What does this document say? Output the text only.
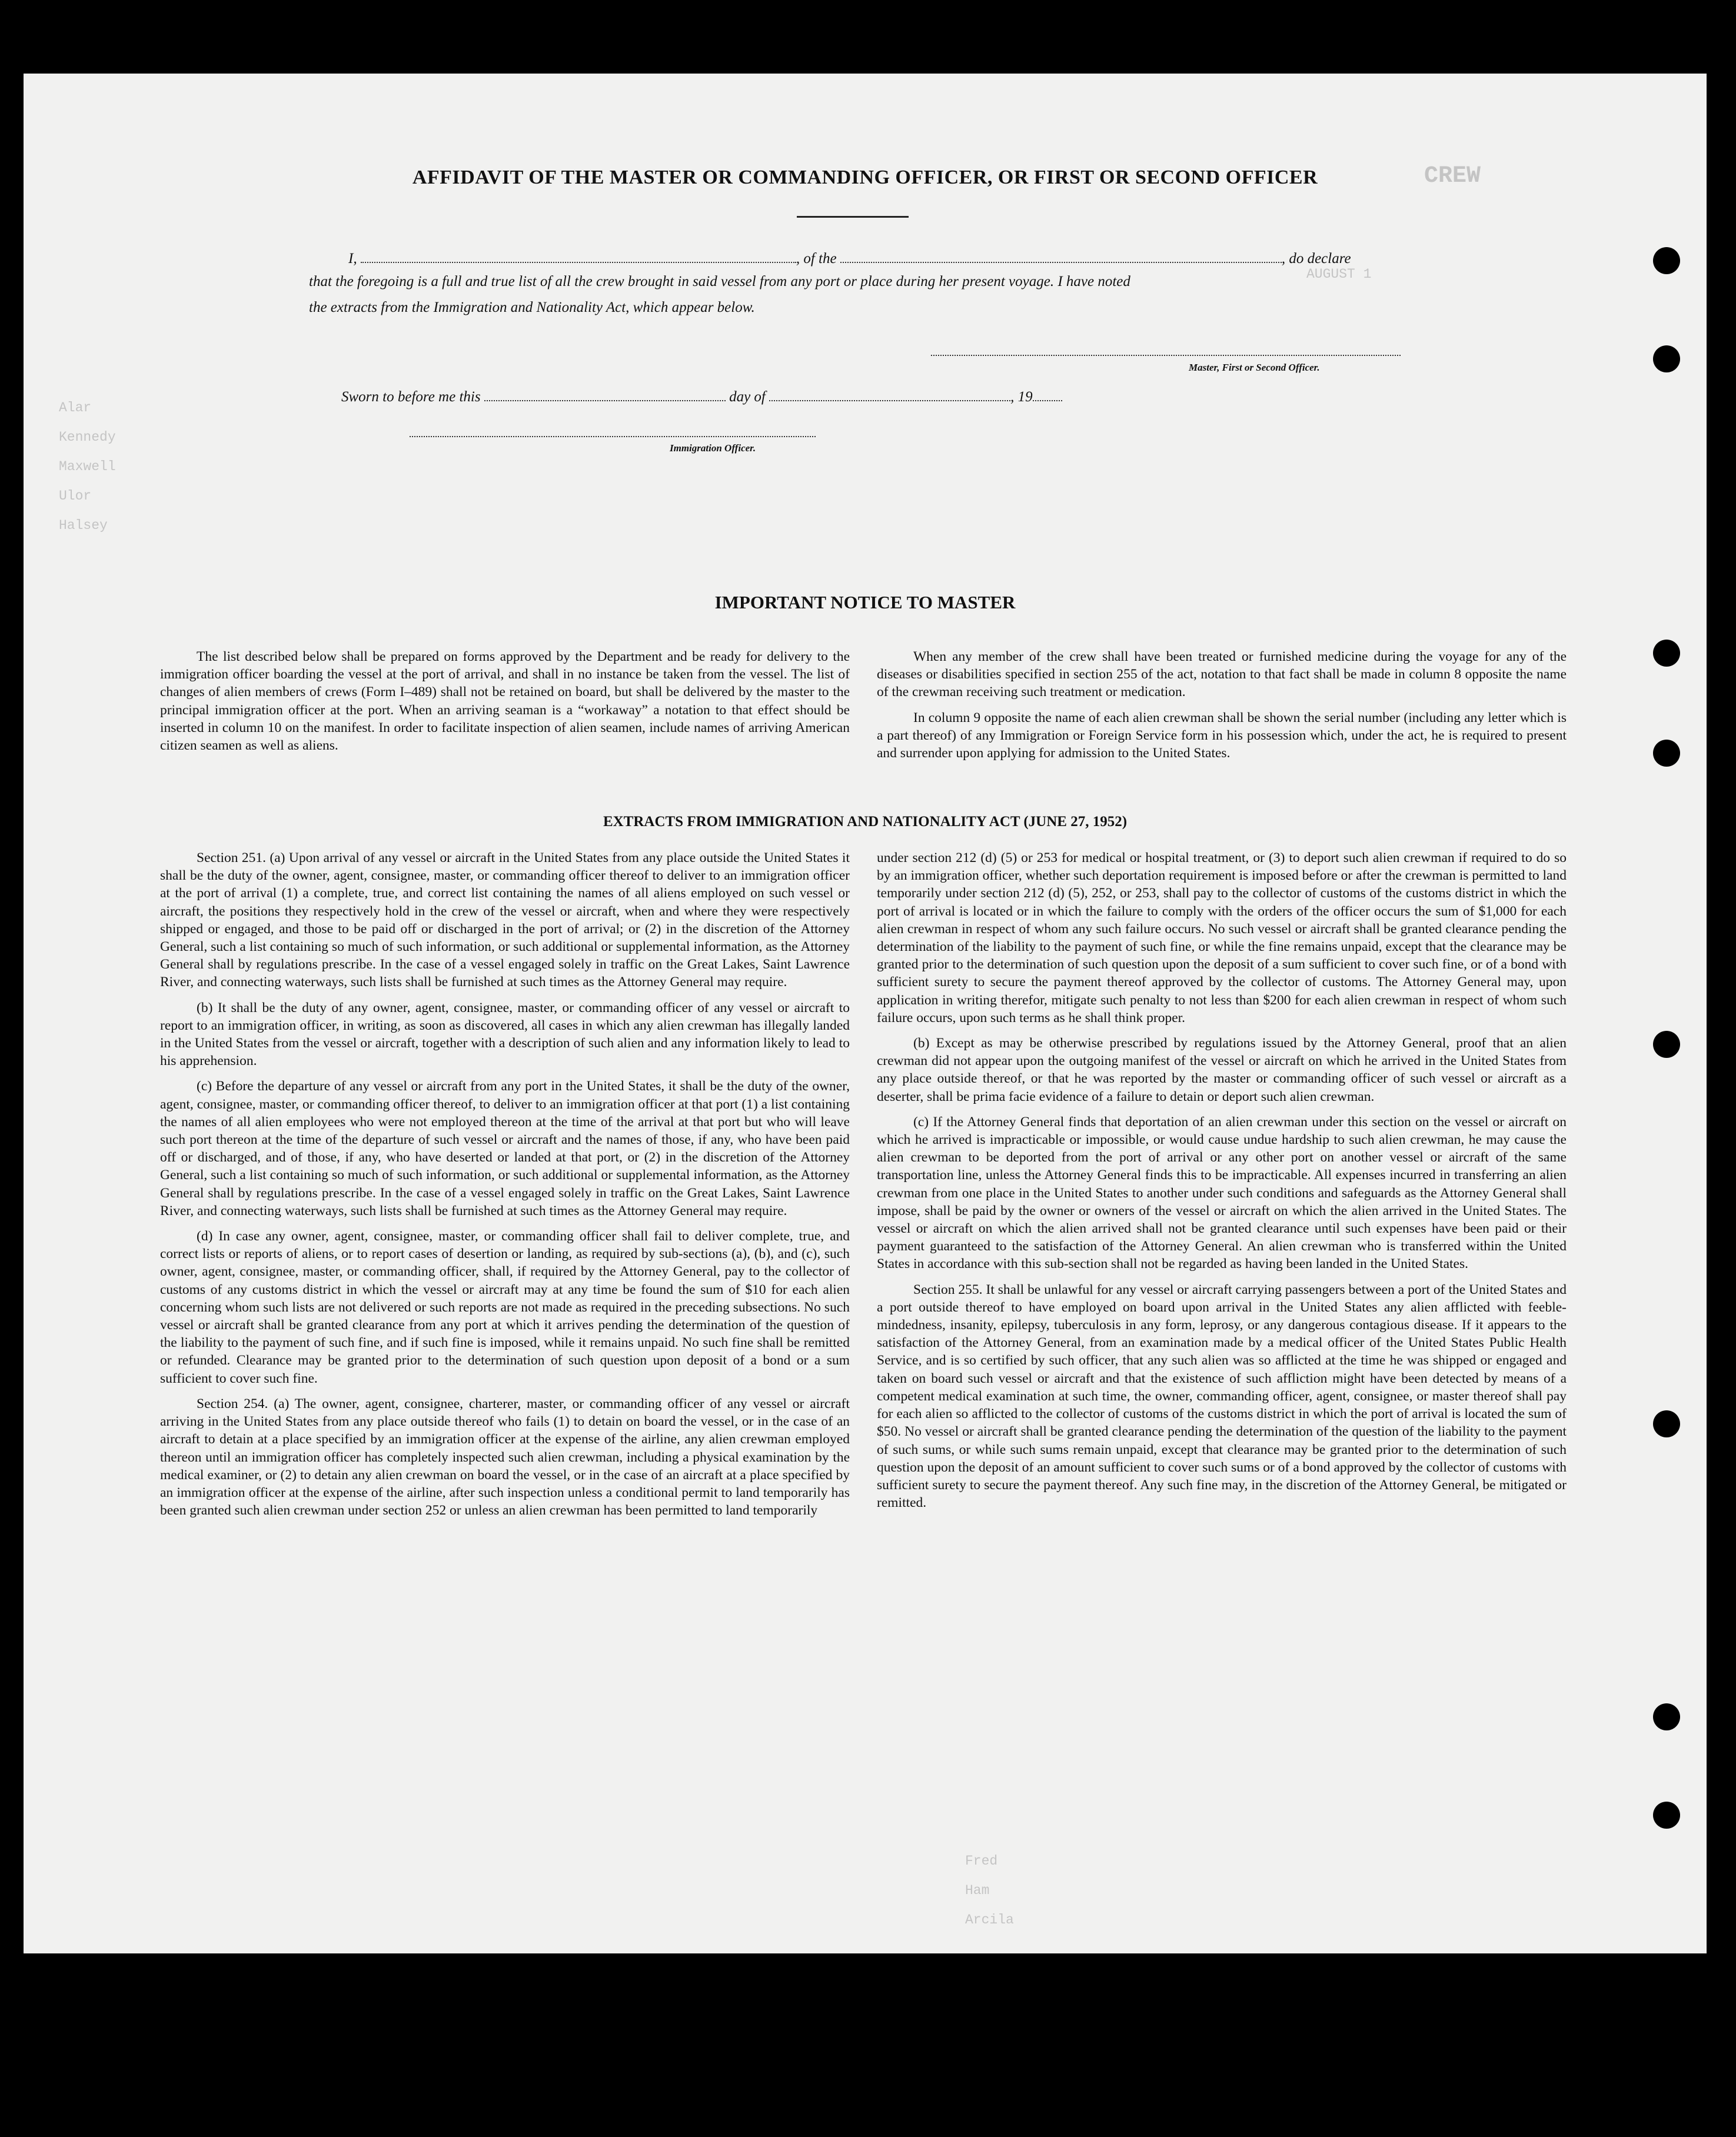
CREW
AUGUST 1
Alar
Kennedy
Maxwell
Ulor
Halsey
Fred
Ham
Arcila
AFFIDAVIT OF THE MASTER OR COMMANDING OFFICER, OR FIRST OR SECOND OFFICER
I,	, of the	, do declare
that the foregoing is a full and true list of all the crew brought in said vessel from any port or place during her present voyage. I have noted
the extracts from the Immigration and Nationality Act, which appear below.
Master, First or Second Officer.
Sworn to before me this	day of	, 19
Immigration Officer.
IMPORTANT NOTICE TO MASTER

The list described below shall be prepared on forms approved by the Department and be ready for delivery to the immigration officer boarding the vessel at the port of arrival, and shall in no instance be taken from the vessel. The list of changes of alien members of crews (Form I–489) shall not be retained on board, but shall be delivered by the master to the principal immigration officer at the port. When an arriving seaman is a “workaway” a notation to that effect should be inserted in column 10 on the manifest. In order to facilitate inspection of alien seamen, include names of arriving American citizen seamen as well as aliens.

When any member of the crew shall have been treated or furnished medicine during the voyage for any of the diseases or disabilities specified in section 255 of the act, notation to that fact shall be made in column 8 opposite the name of the crewman receiving such treatment or medication.

In column 9 opposite the name of each alien crewman shall be shown the serial number (including any letter which is a part thereof) of any Immigration or Foreign Service form in his possession which, under the act, he is required to present and surrender upon applying for admission to the United States.

EXTRACTS FROM IMMIGRATION AND NATIONALITY ACT (JUNE 27, 1952)

Section 251. (a) Upon arrival of any vessel or aircraft in the United States from any place outside the United States it shall be the duty of the owner, agent, consignee, master, or commanding officer thereof to deliver to an immigration officer at the port of arrival (1) a complete, true, and correct list containing the names of all aliens employed on such vessel or aircraft, the positions they respectively hold in the crew of the vessel or aircraft, when and where they were respectively shipped or engaged, and those to be paid off or discharged in the port of arrival; or (2) in the discretion of the Attorney General, such a list containing so much of such information, or such additional or supplemental information, as the Attorney General shall by regulations prescribe. In the case of a vessel engaged solely in traffic on the Great Lakes, Saint Lawrence River, and connecting waterways, such lists shall be furnished at such times as the Attorney General may require.

(b) It shall be the duty of any owner, agent, consignee, master, or commanding officer of any vessel or aircraft to report to an immigration officer, in writing, as soon as discovered, all cases in which any alien crewman has illegally landed in the United States from the vessel or aircraft, together with a description of such alien and any information likely to lead to his apprehension.

(c) Before the departure of any vessel or aircraft from any port in the United States, it shall be the duty of the owner, agent, consignee, master, or commanding officer thereof, to deliver to an immigration officer at that port (1) a list containing the names of all alien employees who were not employed thereon at the time of the arrival at that port but who will leave such port thereon at the time of the departure of such vessel or aircraft and the names of those, if any, who have been paid off or discharged, and of those, if any, who have deserted or landed at that port, or (2) in the discretion of the Attorney General, such a list containing so much of such information, or such additional or supplemental information, as the Attorney General shall by regulations prescribe. In the case of a vessel engaged solely in traffic on the Great Lakes, Saint Lawrence River, and connecting waterways, such lists shall be furnished at such times as the Attorney General may require.

(d) In case any owner, agent, consignee, master, or commanding officer shall fail to deliver complete, true, and correct lists or reports of aliens, or to report cases of desertion or landing, as required by sub-sections (a), (b), and (c), such owner, agent, consignee, master, or commanding officer, shall, if required by the Attorney General, pay to the collector of customs of any customs district in which the vessel or aircraft may at any time be found the sum of $10 for each alien concerning whom such lists are not delivered or such reports are not made as required in the preceding subsections. No such vessel or aircraft shall be granted clearance from any port at which it arrives pending the determination of the question of the liability to the payment of such fine, and if such fine is imposed, while it remains unpaid. No such fine shall be remitted or refunded. Clearance may be granted prior to the determination of such question upon deposit of a bond or a sum sufficient to cover such fine.

Section 254. (a) The owner, agent, consignee, charterer, master, or commanding officer of any vessel or aircraft arriving in the United States from any place outside thereof who fails (1) to detain on board the vessel, or in the case of an aircraft to detain at a place specified by an immigration officer at the expense of the airline, any alien crewman employed thereon until an immigration officer has completely inspected such alien crewman, including a physical examination by the medical examiner, or (2) to detain any alien crewman on board the vessel, or in the case of an aircraft at a place specified by an immigration officer at the expense of the airline, after such inspection unless a conditional permit to land temporarily has been granted such alien crewman under section 252 or unless an alien crewman has been permitted to land temporarily

under section 212 (d) (5) or 253 for medical or hospital treatment, or (3) to deport such alien crewman if required to do so by an immigration officer, whether such deportation requirement is imposed before or after the crewman is permitted to land temporarily under section 212 (d) (5), 252, or 253, shall pay to the collector of customs of the customs district in which the port of arrival is located or in which the failure to comply with the orders of the officer occurs the sum of $1,000 for each alien crewman in respect of whom any such failure occurs. No such vessel or aircraft shall be granted clearance pending the determination of the liability to the payment of such fine, or while the fine remains unpaid, except that the clearance may be granted prior to the determination of such question upon the deposit of a sum sufficient to cover such fine, or of a bond with sufficient surety to secure the payment thereof approved by the collector of customs. The Attorney General may, upon application in writing therefor, mitigate such penalty to not less than $200 for each alien crewman in respect of whom such failure occurs, upon such terms as he shall think proper.

(b) Except as may be otherwise prescribed by regulations issued by the Attorney General, proof that an alien crewman did not appear upon the outgoing manifest of the vessel or aircraft on which he arrived in the United States from any place outside thereof, or that he was reported by the master or commanding officer of such vessel or aircraft as a deserter, shall be prima facie evidence of a failure to detain or deport such alien crewman.

(c) If the Attorney General finds that deportation of an alien crewman under this section on the vessel or aircraft on which he arrived is impracticable or impossible, or would cause undue hardship to such alien crewman, he may cause the alien crewman to be deported from the port of arrival or any other port on another vessel or aircraft of the same transportation line, unless the Attorney General finds this to be impracticable. All expenses incurred in transferring an alien crewman from one place in the United States to another under such conditions and safeguards as the Attorney General shall impose, shall be paid by the owner or owners of the vessel or aircraft on which the alien arrived in the United States. The vessel or aircraft on which the alien arrived shall not be granted clearance until such expenses have been paid or their payment guaranteed to the satisfaction of the Attorney General. An alien crewman who is transferred within the United States in accordance with this sub-section shall not be regarded as having been landed in the United States.

Section 255. It shall be unlawful for any vessel or aircraft carrying passengers between a port of the United States and a port outside thereof to have employed on board upon arrival in the United States any alien afflicted with feeble-mindedness, insanity, epilepsy, tuberculosis in any form, leprosy, or any dangerous contagious disease. If it appears to the satisfaction of the Attorney General, from an examination made by a medical officer of the United States Public Health Service, and is so certified by such officer, that any such alien was so afflicted at the time he was shipped or engaged and taken on board such vessel or aircraft and that the existence of such affliction might have been detected by means of a competent medical examination at such time, the owner, commanding officer, agent, consignee, or master thereof shall pay for each alien so afflicted to the collector of customs of the customs district in which the port of arrival is located the sum of $50. No vessel or aircraft shall be granted clearance pending the determination of the question of the liability to the payment of such sums, or while such sums remain unpaid, except that clearance may be granted prior to the determination of such question upon the deposit of an amount sufficient to cover such sums or of a bond approved by the collector of customs with sufficient surety to secure the payment thereof. Any such fine may, in the discretion of the Attorney General, be mitigated or remitted.
